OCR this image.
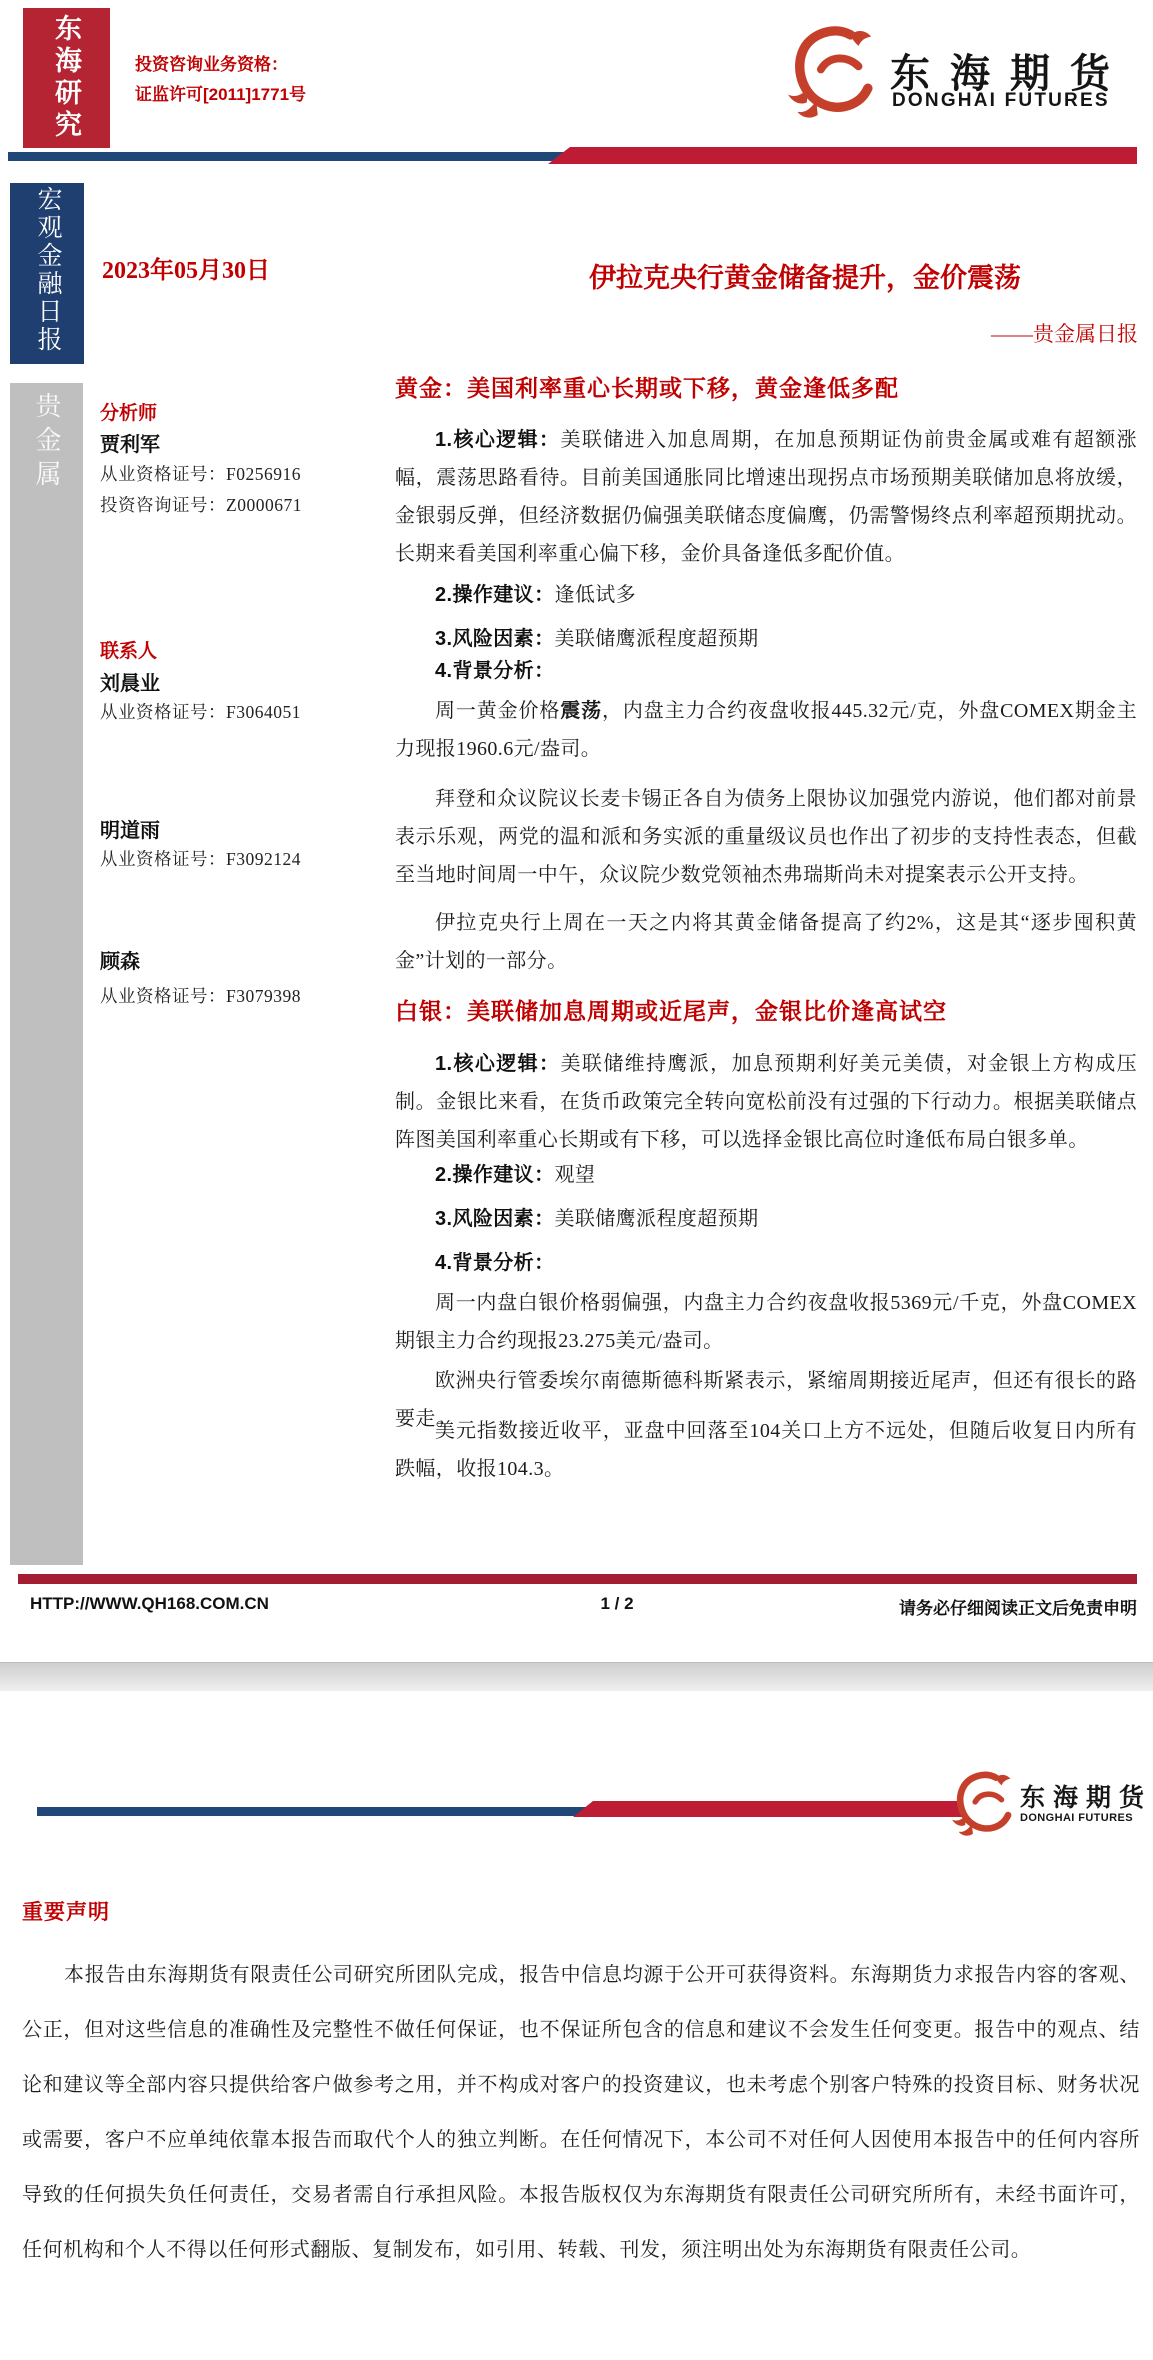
东海研究	投资咨询业务资格：
证监许可[2011]1771号	东海期货
DONGHAI FUTURES
宏观金融日报
贵金属
2023年05月30日	伊拉克央行黄金储备提升，金价震荡
——贵金属日报
分析师
贾利军
从业资格证号：F0256916
投资咨询证号：Z0000671
联系人
刘晨业
从业资格证号：F3064051
明道雨
从业资格证号：F3092124
顾森
从业资格证号：F3079398
黄金：美国利率重心长期或下移，黄金逢低多配
1.核心逻辑：美联储进入加息周期，在加息预期证伪前贵金属或难有超额涨幅，震荡思路看待。目前美国通胀同比增速出现拐点市场预期美联储加息将放缓，金银弱反弹，但经济数据仍偏强美联储态度偏鹰，仍需警惕终点利率超预期扰动。长期来看美国利率重心偏下移，金价具备逢低多配价值。
2.操作建议：逢低试多
3.风险因素：美联储鹰派程度超预期
4.背景分析：
周一黄金价格震荡，内盘主力合约夜盘收报445.32元/克，外盘COMEX期金主力现报1960.6元/盎司。
拜登和众议院议长麦卡锡正各自为债务上限协议加强党内游说，他们都对前景表示乐观，两党的温和派和务实派的重量级议员也作出了初步的支持性表态，但截至当地时间周一中午，众议院少数党领袖杰弗瑞斯尚未对提案表示公开支持。
伊拉克央行上周在一天之内将其黄金储备提高了约2%，这是其“逐步囤积黄金”计划的一部分。
白银：美联储加息周期或近尾声，金银比价逢高试空
1.核心逻辑：美联储维持鹰派，加息预期利好美元美债，对金银上方构成压制。金银比来看，在货币政策完全转向宽松前没有过强的下行动力。根据美联储点阵图美国利率重心长期或有下移，可以选择金银比高位时逢低布局白银多单。
2.操作建议：观望
3.风险因素：美联储鹰派程度超预期
4.背景分析：
周一内盘白银价格弱偏强，内盘主力合约夜盘收报5369元/千克，外盘COMEX期银主力合约现报23.275美元/盎司。
欧洲央行管委埃尔南德斯德科斯紧表示，紧缩周期接近尾声，但还有很长的路要走。
美元指数接近收平，亚盘中回落至104关口上方不远处，但随后收复日内所有跌幅，收报104.3。
HTTP://WWW.QH168.COM.CN	1 / 2	请务必仔细阅读正文后免责申明
东海期货
DONGHAI FUTURES
重要声明
本报告由东海期货有限责任公司研究所团队完成，报告中信息均源于公开可获得资料。东海期货力求报告内容的客观、公正，但对这些信息的准确性及完整性不做任何保证，也不保证所包含的信息和建议不会发生任何变更。报告中的观点、结论和建议等全部内容只提供给客户做参考之用，并不构成对客户的投资建议，也未考虑个别客户特殊的投资目标、财务状况或需要，客户不应单纯依靠本报告而取代个人的独立判断。在任何情况下，本公司不对任何人因使用本报告中的任何内容所导致的任何损失负任何责任，交易者需自行承担风险。本报告版权仅为东海期货有限责任公司研究所所有，未经书面许可，任何机构和个人不得以任何形式翻版、复制发布，如引用、转载、刊发，须注明出处为东海期货有限责任公司。
